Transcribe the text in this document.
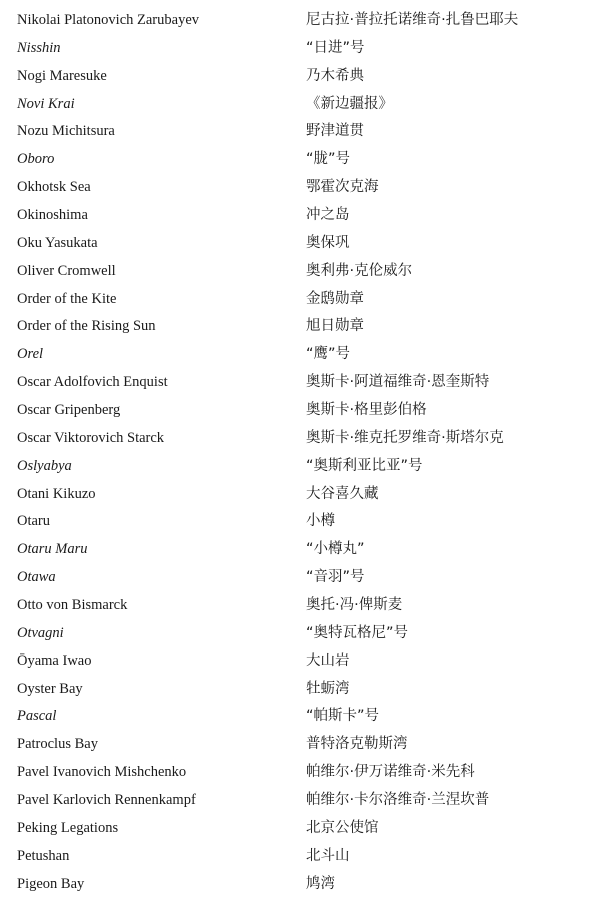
Nikolai Platonovich Zarubayev	尼古拉·普拉托诺维奇·扎鲁巴耶夫
Nisshin	“日进”号
Nogi Maresuke	乃木希典
Novi Krai	《新边疆报》
Nozu Michitsura	野津道贯
Oboro	“胧”号
Okhotsk Sea	鄂霍次克海
Okinoshima	冲之岛
Oku Yasukata	奥保巩
Oliver Cromwell	奥利弗·克伦威尔
Order of the Kite	金鸱勋章
Order of the Rising Sun	旭日勋章
Orel	“鹰”号
Oscar Adolfovich Enquist	奥斯卡·阿道福维奇·恩奎斯特
Oscar Gripenberg	奥斯卡·格里彭伯格
Oscar Viktorovich Starck	奥斯卡·维克托罗维奇·斯塔尔克
Oslyabya	“奥斯利亚比亚”号
Otani Kikuzo	大谷喜久藏
Otaru	小樽
Otaru Maru	“小樽丸”
Otawa	“音羽”号
Otto von Bismarck	奥托·冯·俾斯麦
Otvagni	“奥特瓦格尼”号
Ōyama Iwao	大山岩
Oyster Bay	牡蛎湾
Pascal	“帕斯卡”号
Patroclus Bay	普特洛克勒斯湾
Pavel Ivanovich Mishchenko	帕维尔·伊万诺维奇·米先科
Pavel Karlovich Rennenkampf	帕维尔·卡尔洛维奇·兰涅坎普
Peking Legations	北京公使馆
Petushan	北斗山
Pigeon Bay	鸠湾
